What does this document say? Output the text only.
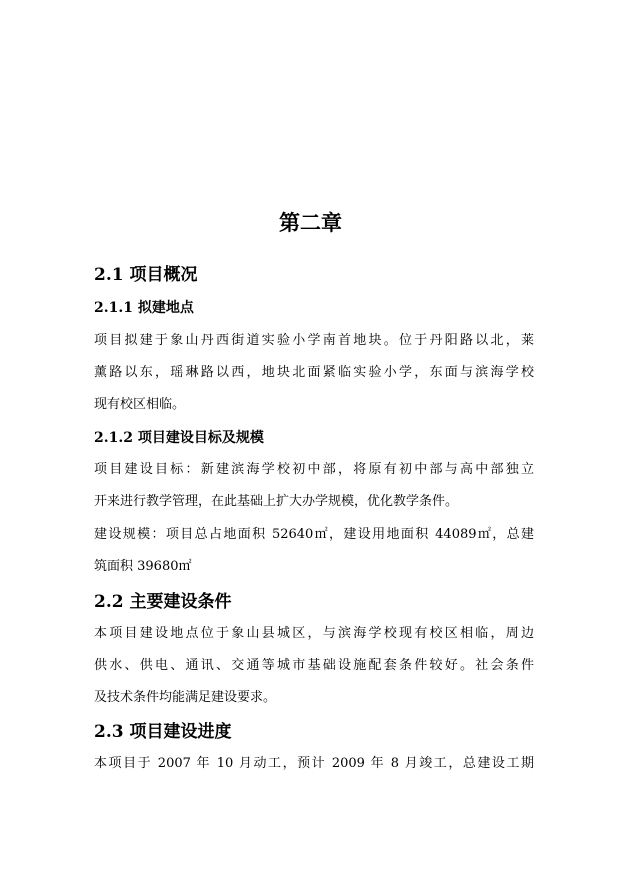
第二章
2.1 项目概况
2.1.1 拟建地点

项目拟建于象山丹西街道实验小学南首地块。位于丹阳路以北，莱

薰路以东，瑶琳路以西，地块北面紧临实验小学，东面与滨海学校

现有校区相临。

2.1.2 项目建设目标及规模

项目建设目标：新建滨海学校初中部，将原有初中部与高中部独立

开来进行教学管理，在此基础上扩大办学规模，优化教学条件。

建设规模：项目总占地面积 52640㎡，建设用地面积 44089㎡，总建

筑面积 39680㎡

2.2 主要建设条件

本项目建设地点位于象山县城区，与滨海学校现有校区相临，周边

供水、供电、通讯、交通等城市基础设施配套条件较好。社会条件

及技术条件均能满足建设要求。

2.3 项目建设进度

本项目于 2007 年 10 月动工，预计 2009 年 8 月竣工，总建设工期
